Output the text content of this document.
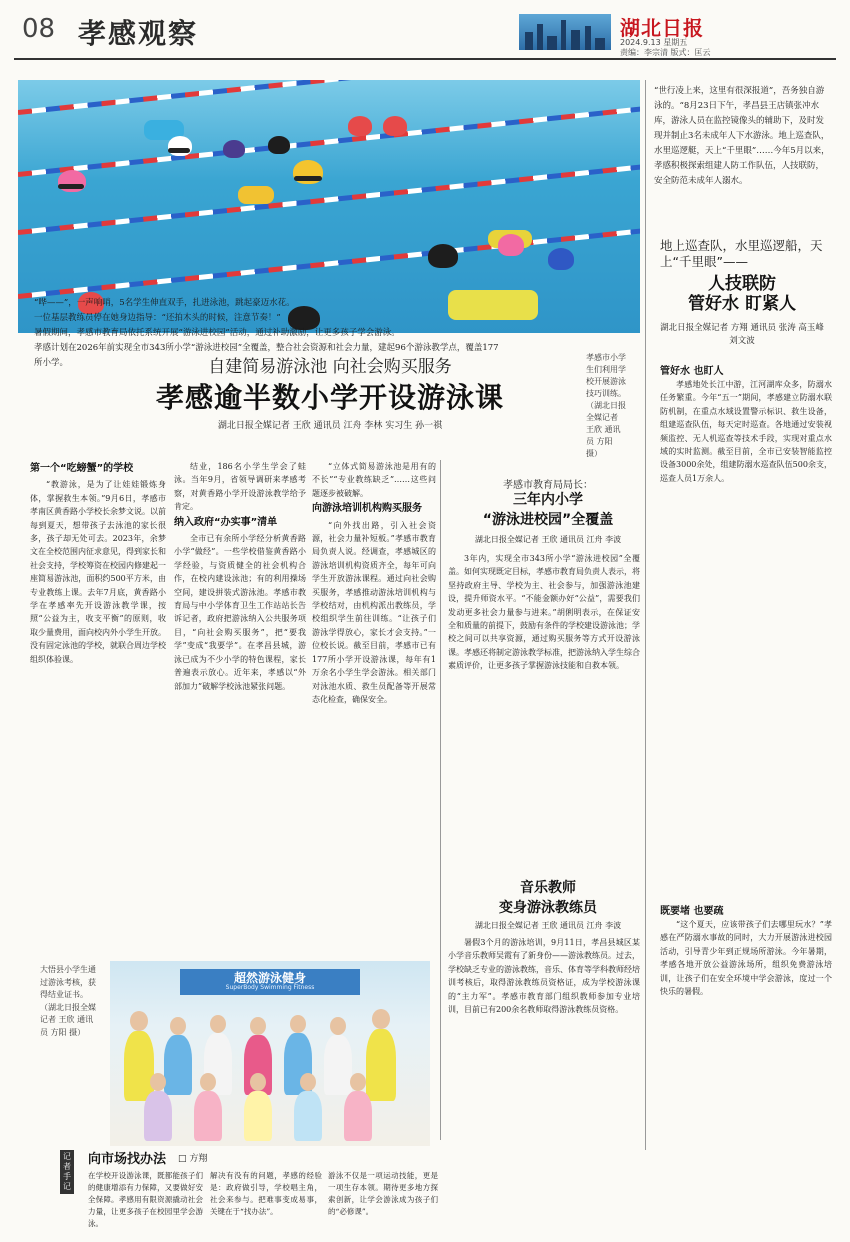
08 孝感观察	湖北日报
2024.9.13 星期五
责编：李宗清 版式：匡云

“哗——”，一声响哨，5名学生伸直双手，扎进泳池，跳起豪迈水花。

一位基层教练员停在她身边指导：“还拍木头的时候，注意节奏！”

暑假期间，孝感市教育局依托系统开展“游泳进校园”活动，通过补助激励，让更多孩子学会游泳。

孝感计划在2026年前实现全市343所小学“游泳进校园”全覆盖，整合社会资源和社会力量，建起96个游泳教学点，覆盖177所小学。

孝感市小学生们利用学校开展游泳技巧训练。（湖北日报全媒记者 王欣 通讯员 方阳 摄）
自建简易游泳池 向社会购买服务
孝感逾半数小学开设游泳课
湖北日报全媒记者 王欣 通讯员 江舟 李林 实习生 孙一祺
“世行凌上来，这里有很深报道”，吾务独自游泳的。“8月23日下午，孝昌县王店镇张冲水库，游泳人员在监控镜像头的辅助下，及时发现并制止3名未成年人下水游泳。地上巡查队，水里巡逻艇，天上“千里眼”……今年5月以来，孝感积极探索组建人防工作队伍，人技联防，安全防范未成年人溺水。
地上巡查队，水里巡逻船，天上“千里眼”——
人技联防
管好水 盯紧人
湖北日报全媒记者 方翔 通讯员 张涛 高玉峰 刘文波
第一个“吃螃蟹”的学校

“教游泳，是为了让娃娃锻炼身体，掌握救生本领。”9月6日，孝感市孝南区黄香路小学校长余梦文说。以前每到夏天，想带孩子去泳池的家长很多，孩子却无处可去。2023年，余梦文在全校范围内征求意见，得到家长和社会支持，学校筹资在校园内修建起一座简易游泳池，面积约500平方米，由专业教练上课。去年7月底，黄香路小学在孝感率先开设游泳教学课，按照“公益为主，收支平衡”的原则，收取少量费用，面向校内外小学生开放。没有固定泳池的学校，就联合周边学校组织体验课。

结业，186名小学生学会了蛙泳。当年9月，省领导调研来孝感考察，对黄香路小学开设游泳教学给予肯定。

纳入政府“办实事”清单

全市已有余所小学经分析黄香路小学“做经”。一些学校借鉴黄香路小学经验，与资质健全的社会机构合作，在校内建设泳池；有的利用操场空间，建设拼装式游泳池。孝感市教育局与中小学体育卫生工作站站长告诉记者，政府把游泳纳入公共服务项目，“向社会购买服务”，把“要我学”变成“我要学”。在孝昌县城，游泳已成为不少小学的特色课程，家长普遍表示放心。近年来，孝感以“外部加力”破解学校泳池紧张问题。

“立体式简易游泳池是用有的不长”“专业教练缺乏”……这些问题逐步被破解。

向游泳培训机构购买服务

“向外找出路，引入社会资源，社会力量补短板。”孝感市教育局负责人说。经调查，孝感城区的游泳培训机构资质齐全，每年可向学生开放游泳课程。通过向社会购买服务，孝感推动游泳培训机构与学校结对，由机构派出教练员，学校组织学生前往训练。“让孩子们游泳学得放心，家长才会支持。”一位校长说。截至目前，孝感市已有177所小学开设游泳课，每年有1万余名小学生学会游泳。相关部门对泳池水质、救生员配备等开展常态化检查，确保安全。

孝感市教育局局长：
三年内小学
“游泳进校园”全覆盖
湖北日报全媒记者 王欣 通讯员 江舟 李波

3年内，实现全市343所小学“游泳进校园”全覆盖。如何实现既定目标，孝感市教育局负责人表示，将坚持政府主导、学校为主、社会参与，加强游泳池建设，提升师资水平。“不能金额办好“公益”，需要我们发动更多社会力量参与进来。”胡俐明表示，在保证安全和质量的前提下，鼓励有条件的学校建设游泳池；学校之间可以共享资源，通过购买服务等方式开设游泳课。孝感还将制定游泳教学标准，把游泳纳入学生综合素质评价，让更多孩子掌握游泳技能和自救本领。

音乐教师
变身游泳教练员
湖北日报全媒记者 王欣 通讯员 江舟 李波

暑假3个月的游泳培训，9月11日，孝昌县城区某小学音乐教师吴霞有了新身份——游泳教练员。过去，学校缺乏专业的游泳教练，音乐、体育等学科教师经培训考核后，取得游泳教练员资格证，成为学校游泳课的“主力军”。孝感市教育部门组织教师参加专业培训，目前已有200余名教师取得游泳教练员资格。

管好水 也盯人

孝感地处长江中游，江河湖库众多，防溺水任务繁重。今年“五一”期间，孝感建立防溺水联防机制，在重点水域设置警示标识、救生设备，组建巡查队伍，每天定时巡查。各地通过安装视频监控、无人机巡查等技术手段，实现对重点水域的实时监测。截至目前，全市已安装智能监控设备3000余处，组建防溺水巡查队伍500余支，巡查人员1万余人。

既要堵 也要疏

“这个夏天，应该带孩子们去哪里玩水？”孝感在严防溺水事故的同时，大力开展游泳进校园活动，引导青少年到正规场所游泳。今年暑期，孝感各地开放公益游泳场所，组织免费游泳培训，让孩子们在安全环境中学会游泳，度过一个快乐的暑假。

超然游泳健身
SuperBody Swimming Fitness
大悟县小学生通过游泳考核，获得结业证书。（湖北日报全媒记者 王欣 通讯员 方阳 摄）
记者手记
向市场找办法 □ 方翔

在学校开设游泳课，既都能孩子们的健康增添有力保障，又要做好安全保障。孝感用有限资源撬动社会力量，让更多孩子在校园里学会游泳。

解决有没有的问题，孝感的经验是：政府做引导，学校唱主角，社会来参与。把难事变成易事，关键在于“找办法”。

游泳不仅是一项运动技能，更是一项生存本领。期待更多地方探索创新，让学会游泳成为孩子们的“必修课”。
